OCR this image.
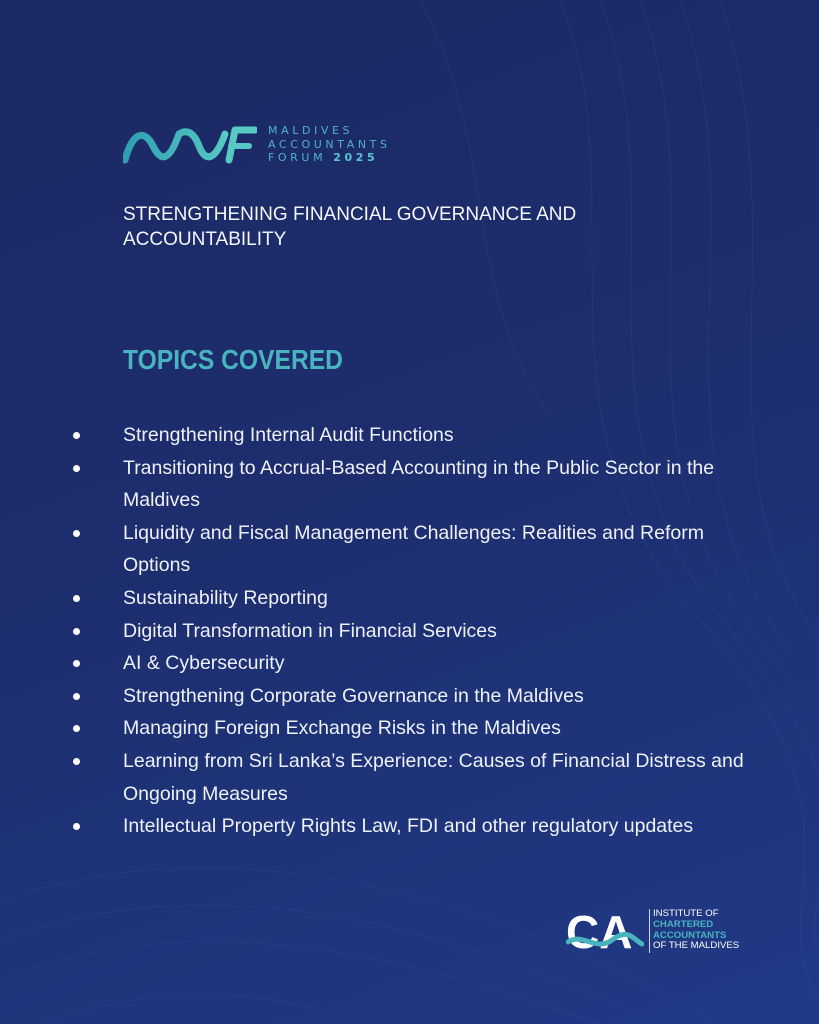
MALDIVES
ACCOUNTANTS
FORUM 2025
STRENGTHENING FINANCIAL GOVERNANCE AND ACCOUNTABILITY
TOPICS COVERED
Strengthening Internal Audit Functions
Transitioning to Accrual-Based Accounting in the Public Sector in the Maldives
Liquidity and Fiscal Management Challenges: Realities and Reform Options
Sustainability Reporting
Digital Transformation in Financial Services
AI & Cybersecurity
Strengthening Corporate Governance in the Maldives
Managing Foreign Exchange Risks in the Maldives
Learning from Sri Lanka’s Experience: Causes of Financial Distress and Ongoing Measures
Intellectual Property Rights Law, FDI and other regulatory updates
CA INSTITUTE OF
CHARTERED
ACCOUNTANTS
OF THE MALDIVES
